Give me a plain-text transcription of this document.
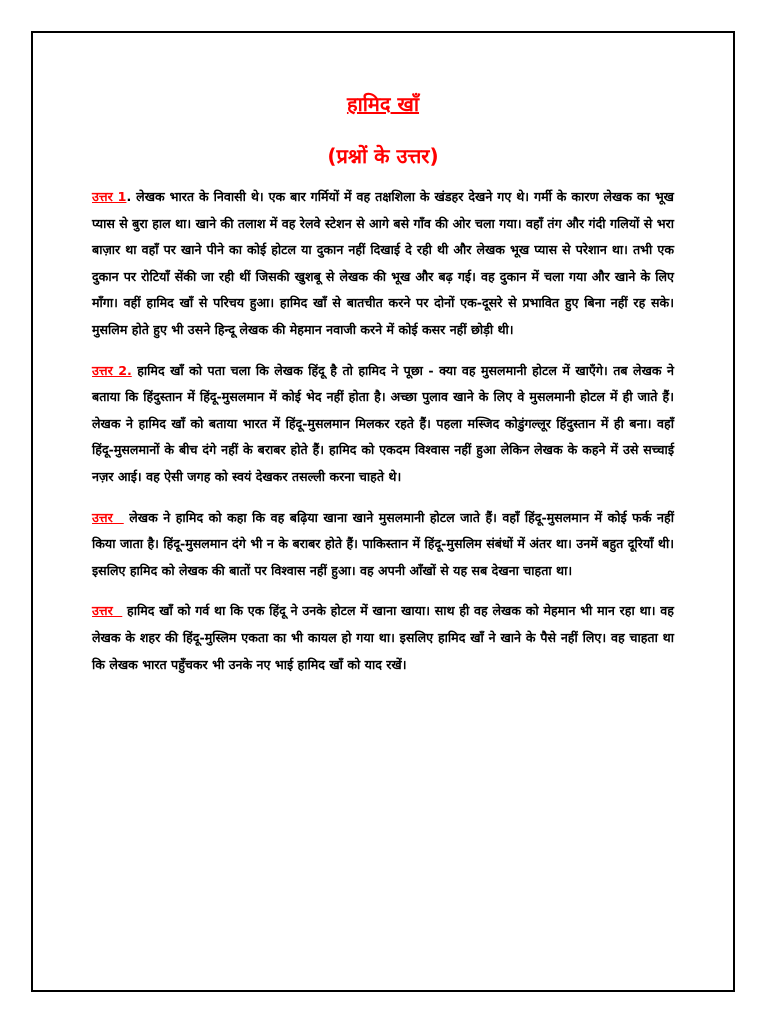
हामिद खाँ
(प्रश्नों के उत्तर)

उत्तर 1. लेखक भारत के निवासी थे। एक बार गर्मियों में वह तक्षशिला के खंडहर देखने गए थे। गर्मी के कारण लेखक का भूख प्यास से बुरा हाल था। खाने की तलाश में वह रेलवे स्टेशन से आगे बसे गाँव की ओर चला गया। वहाँ तंग और गंदी गलियों से भरा बाज़ार था वहाँ पर खाने पीने का कोई होटल या दुकान नहीं दिखाई दे रही थी और लेखक भूख प्यास से परेशान था। तभी एक दुकान पर रोटियाँ सेंकी जा रही थीं जिसकी खुशबू से लेखक की भूख और बढ़ गई। वह दुकान में चला गया और खाने के लिए माँगा। वहीं हामिद खाँ से परिचय हुआ। हामिद खाँ से बातचीत करने पर दोनों एक-दूसरे से प्रभावित हुए बिना नहीं रह सके। मुसलिम होते हुए भी उसने हिन्दू लेखक की मेहमान नवाजी करने में कोई कसर नहीं छोड़ी थी।

उत्तर 2. हामिद खाँ को पता चला कि लेखक हिंदू है तो हामिद ने पूछा - क्या वह मुसलमानी होटल में खाएँगे। तब लेखक ने बताया कि हिंदुस्तान में हिंदू-मुसलमान में कोई भेद नहीं होता है। अच्छा पुलाव खाने के लिए वे मुसलमानी होटल में ही जाते हैं। लेखक ने हामिद खाँ को बताया भारत में हिंदू-मुसलमान मिलकर रहते हैं। पहला मस्जिद कोडुंगल्लूर हिंदुस्तान में ही बना। वहाँ हिंदू-मुसलमानों के बीच दंगे नहीं के बराबर होते हैं। हामिद को एकदम विश्वास नहीं हुआ लेकिन लेखक के कहने में उसे सच्चाई नज़र आई। वह ऐसी जगह को स्वयं देखकर तसल्ली करना चाहते थे।

उत्तर   लेखक ने हामिद को कहा कि वह बढ़िया खाना खाने मुसलमानी होटल जाते हैं। वहाँ हिंदू-मुसलमान में कोई फर्क नहीं किया जाता है। हिंदू-मुसलमान दंगे भी न के बराबर होते हैं। पाकिस्तान में हिंदू-मुसलिम संबंधों में अंतर था। उनमें बहुत दूरियाँ थी। इसलिए हामिद को लेखक की बातों पर विश्वास नहीं हुआ। वह अपनी आँखों से यह सब देखना चाहता था।

उत्तर   हामिद खाँ को गर्व था कि एक हिंदू ने उनके होटल में खाना खाया। साथ ही वह लेखक को मेहमान भी मान रहा था। वह लेखक के शहर की हिंदू-मुस्लिम एकता का भी कायल हो गया था। इसलिए हामिद खाँ ने खाने के पैसे नहीं लिए। वह चाहता था कि लेखक भारत पहुँचकर भी उनके नए भाई हामिद खाँ को याद रखें।
